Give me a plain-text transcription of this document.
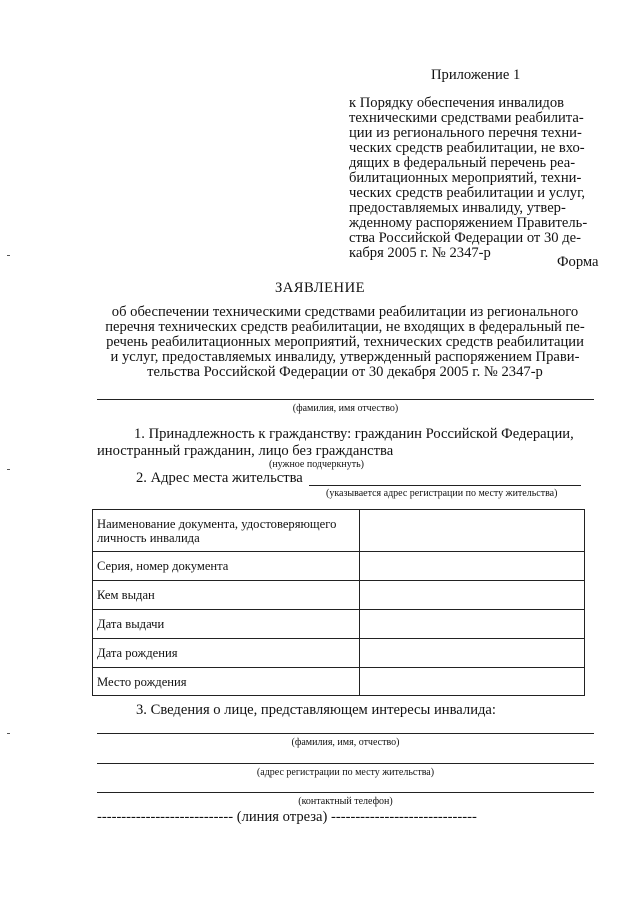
Приложение 1
к Порядку обеспечения инвалидов
техническими средствами реабилита-
ции из регионального перечня техни-
ческих средств реабилитации, не вхо-
дящих в федеральный перечень реа-
билитационных мероприятий, техни-
ческих средств реабилитации и услуг,
предоставляемых инвалиду, утвер-
жденному распоряжением Правитель-
ства Российской Федерации от 30 де-
кабря 2005 г. № 2347-р
Форма
ЗАЯВЛЕНИЕ
об обеспечении техническими средствами реабилитации из регионального
перечня технических средств реабилитации, не входящих в федеральный пе-
речень реабилитационных мероприятий, технических средств реабилитации
и услуг, предоставляемых инвалиду, утвержденный распоряжением Прави-
тельства Российской Федерации от 30 декабря 2005 г. № 2347-р
(фамилия, имя отчество)
1. Принадлежность к гражданству: гражданин Российской Федерации,
иностранный гражданин, лицо без гражданства
(нужное подчеркнуть)
2. Адрес места жительства
(указывается адрес регистрации по месту жительства)
Наименование документа, удостоверяющего личность инвалида	
Серия, номер документа	
Кем выдан	
Дата выдачи	
Дата рождения	
Место рождения	
3. Сведения о лице, представляющем интересы инвалида:
(фамилия, имя, отчество)
(адрес регистрации по месту жительства)
(контактный телефон)
---------------------------- (линия отреза) ------------------------------
